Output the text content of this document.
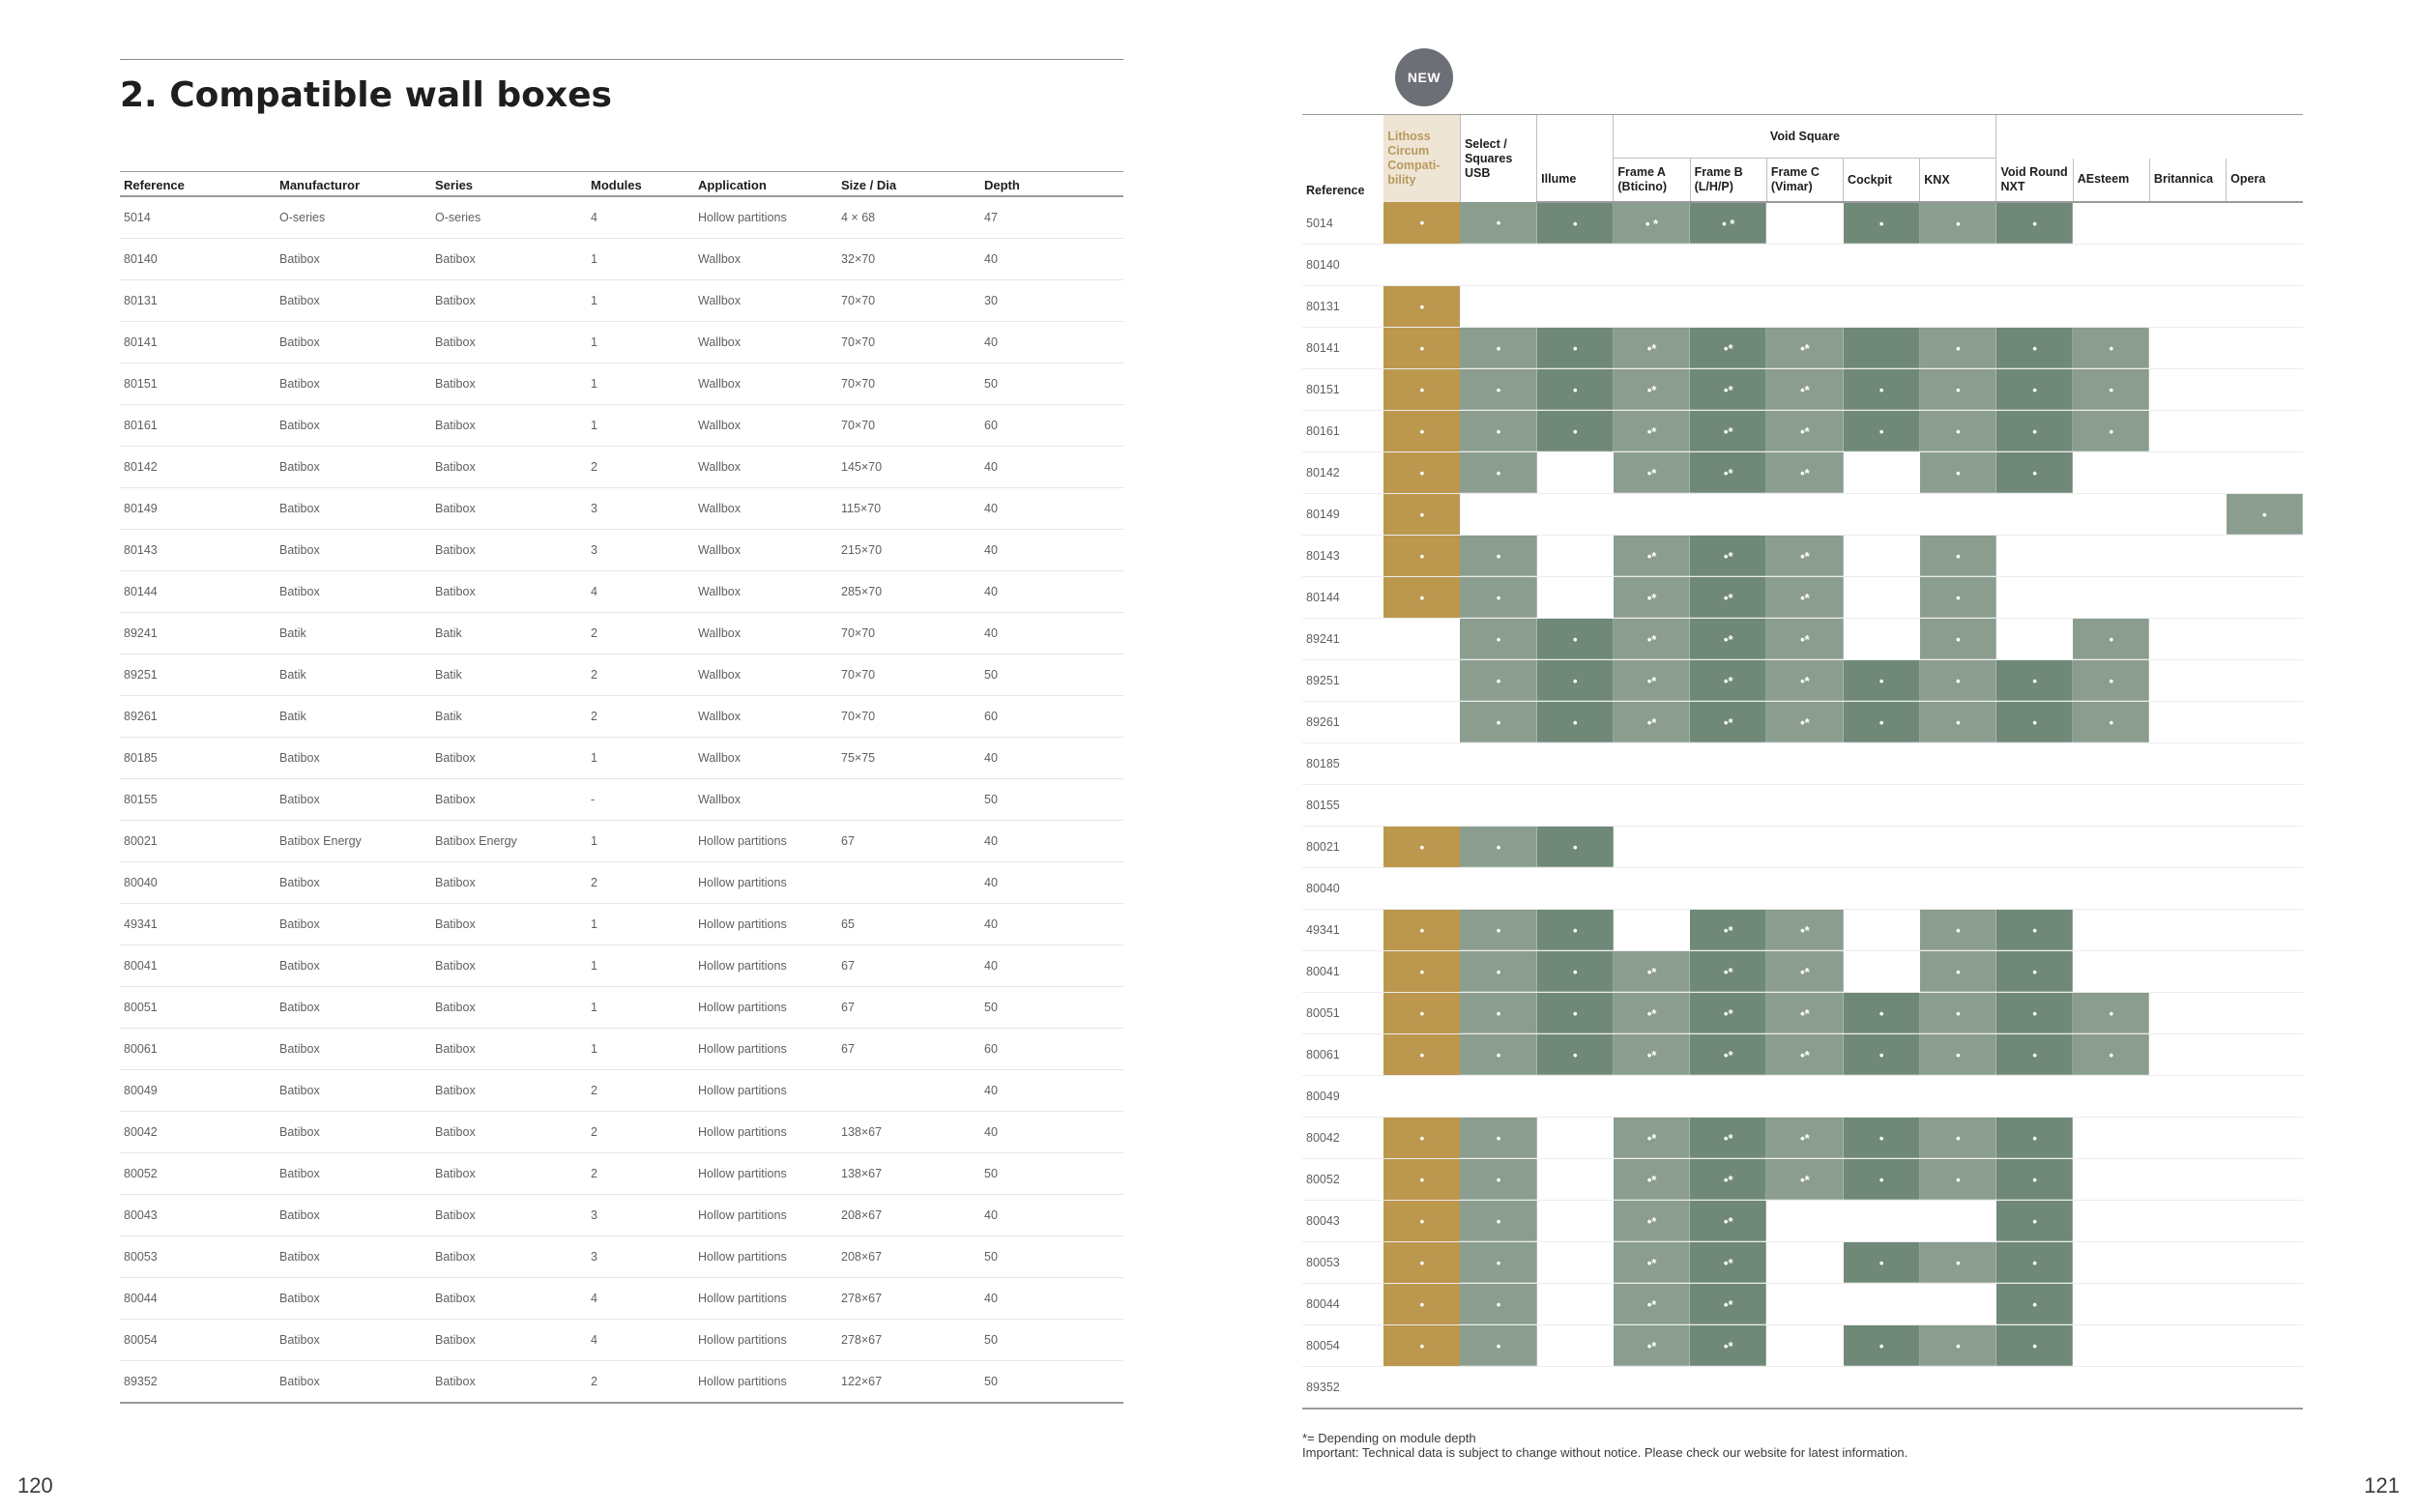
2. Compatible wall boxes
Reference	Manufacturor	Series	Modules	Application	Size / Dia	Depth
5014	O-series	O-series	4	Hollow partitions	4 × 68	47
80140	Batibox	Batibox	1	Wallbox	32×70	40
80131	Batibox	Batibox	1	Wallbox	70×70	30
80141	Batibox	Batibox	1	Wallbox	70×70	40
80151	Batibox	Batibox	1	Wallbox	70×70	50
80161	Batibox	Batibox	1	Wallbox	70×70	60
80142	Batibox	Batibox	2	Wallbox	145×70	40
80149	Batibox	Batibox	3	Wallbox	115×70	40
80143	Batibox	Batibox	3	Wallbox	215×70	40
80144	Batibox	Batibox	4	Wallbox	285×70	40
89241	Batik	Batik	2	Wallbox	70×70	40
89251	Batik	Batik	2	Wallbox	70×70	50
89261	Batik	Batik	2	Wallbox	70×70	60
80185	Batibox	Batibox	1	Wallbox	75×75	40
80155	Batibox	Batibox	-	Wallbox		50
80021	Batibox Energy	Batibox Energy	1	Hollow partitions	67	40
80040	Batibox	Batibox	2	Hollow partitions		40
49341	Batibox	Batibox	1	Hollow partitions	65	40
80041	Batibox	Batibox	1	Hollow partitions	67	40
80051	Batibox	Batibox	1	Hollow partitions	67	50
80061	Batibox	Batibox	1	Hollow partitions	67	60
80049	Batibox	Batibox	2	Hollow partitions		40
80042	Batibox	Batibox	2	Hollow partitions	138×67	40
80052	Batibox	Batibox	2	Hollow partitions	138×67	50
80043	Batibox	Batibox	3	Hollow partitions	208×67	40
80053	Batibox	Batibox	3	Hollow partitions	208×67	50
80044	Batibox	Batibox	4	Hollow partitions	278×67	40
80054	Batibox	Batibox	4	Hollow partitions	278×67	50
89352	Batibox	Batibox	2	Hollow partitions	122×67	50
NEW
Reference	Lithoss Circum Compati-bility	Select / Squares USB		Void Square								
			Illume	Frame A (Bticino)	Frame B (L/H/P)	Frame C (Vimar)	Cockpit	KNX	Void Round NXT	AEsteem	Britannica	Opera
5014	•	•	•	• *	• *		•	•	•			
80140												
80131	•											
80141	•	•	•	•*	•*	•*		•	•	•		
80151	•	•	•	•*	•*	•*	•	•	•	•		
80161	•	•	•	•*	•*	•*	•	•	•	•		
80142	•	•		•*	•*	•*		•	•			
80149	•											•
80143	•	•		•*	•*	•*		•				
80144	•	•		•*	•*	•*		•				
89241		•	•	•*	•*	•*		•		•		
89251		•	•	•*	•*	•*	•	•	•	•		
89261		•	•	•*	•*	•*	•	•	•	•		
80185												
80155												
80021	•	•	•									
80040												
49341	•	•	•		•*	•*		•	•			
80041	•	•	•	•*	•*	•*		•	•			
80051	•	•	•	•*	•*	•*	•	•	•	•		
80061	•	•	•	•*	•*	•*	•	•	•	•		
80049												
80042	•	•		•*	•*	•*	•	•	•			
80052	•	•		•*	•*	•*	•	•	•			
80043	•	•		•*	•*				•			
80053	•	•		•*	•*		•	•	•			
80044	•	•		•*	•*				•			
80054	•	•		•*	•*		•	•	•			
89352												
*= Depending on module depth
Important: Technical data is subject to change without notice. Please check our website for latest information.
120	121
